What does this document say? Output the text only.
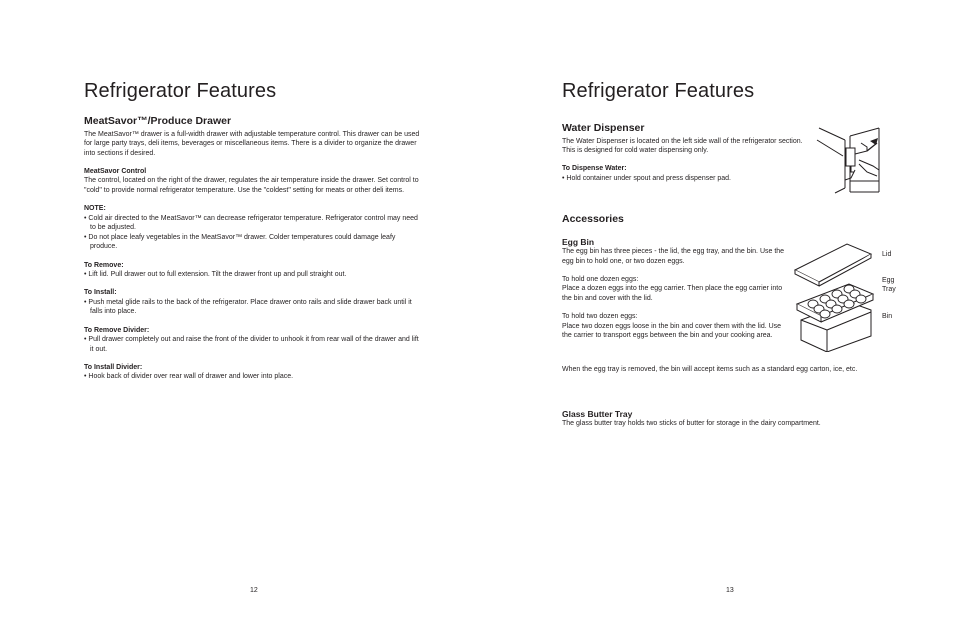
Refrigerator Features

MeatSavor™/Produce Drawer

The MeatSavor™ drawer is a full-width drawer with adjustable temperature control. This drawer can be used for large party trays, deli items, beverages or miscellaneous items. There is a divider to organize the drawer into sections if desired.

MeatSavor Control

The control, located on the right of the drawer, regulates the air temperature inside the drawer. Set control to "cold" to provide normal refrigerator temperature. Use the "coldest" setting for meats or other deli items.

NOTE:

• Cold air directed to the MeatSavor™ can decrease refrigerator temperature. Refrigerator control may need to be adjusted.
• Do not place leafy vegetables in the MeatSavor™ drawer. Colder temperatures could damage leafy produce.

To Remove:

• Lift lid. Pull drawer out to full extension. Tilt the drawer front up and pull straight out.

To Install:

• Push metal glide rails to the back of the refrigerator. Place drawer onto rails and slide drawer back until it falls into place.

To Remove Divider:

• Pull drawer completely out and raise the front of the divider to unhook it from rear wall of the drawer and lift it out.

To Install Divider:

• Hook back of divider over rear wall of drawer and lower into place.
12
Refrigerator Features

Water Dispenser

The Water Dispenser is located on the left side wall of the refrigerator section. This is designed for cold water dispensing only.

To Dispense Water:

• Hold container under spout and press dispenser pad.

Accessories

Egg Bin

The egg bin has three pieces - the lid, the egg tray, and the bin. Use the egg bin to hold one, or two dozen eggs.

To hold one dozen eggs:

Place a dozen eggs into the egg carrier. Then place the egg carrier into the bin and cover with the lid.

To hold two dozen eggs:

Place two dozen eggs loose in the bin and cover them with the lid. Use the carrier to transport eggs between the bin and your cooking area.

When the egg tray is removed, the bin will accept items such as a standard egg carton, ice, etc.

Glass Butter Tray

The glass butter tray holds two sticks of butter for storage in the dairy compartment.

13
Lid
Egg Tray
Bin
